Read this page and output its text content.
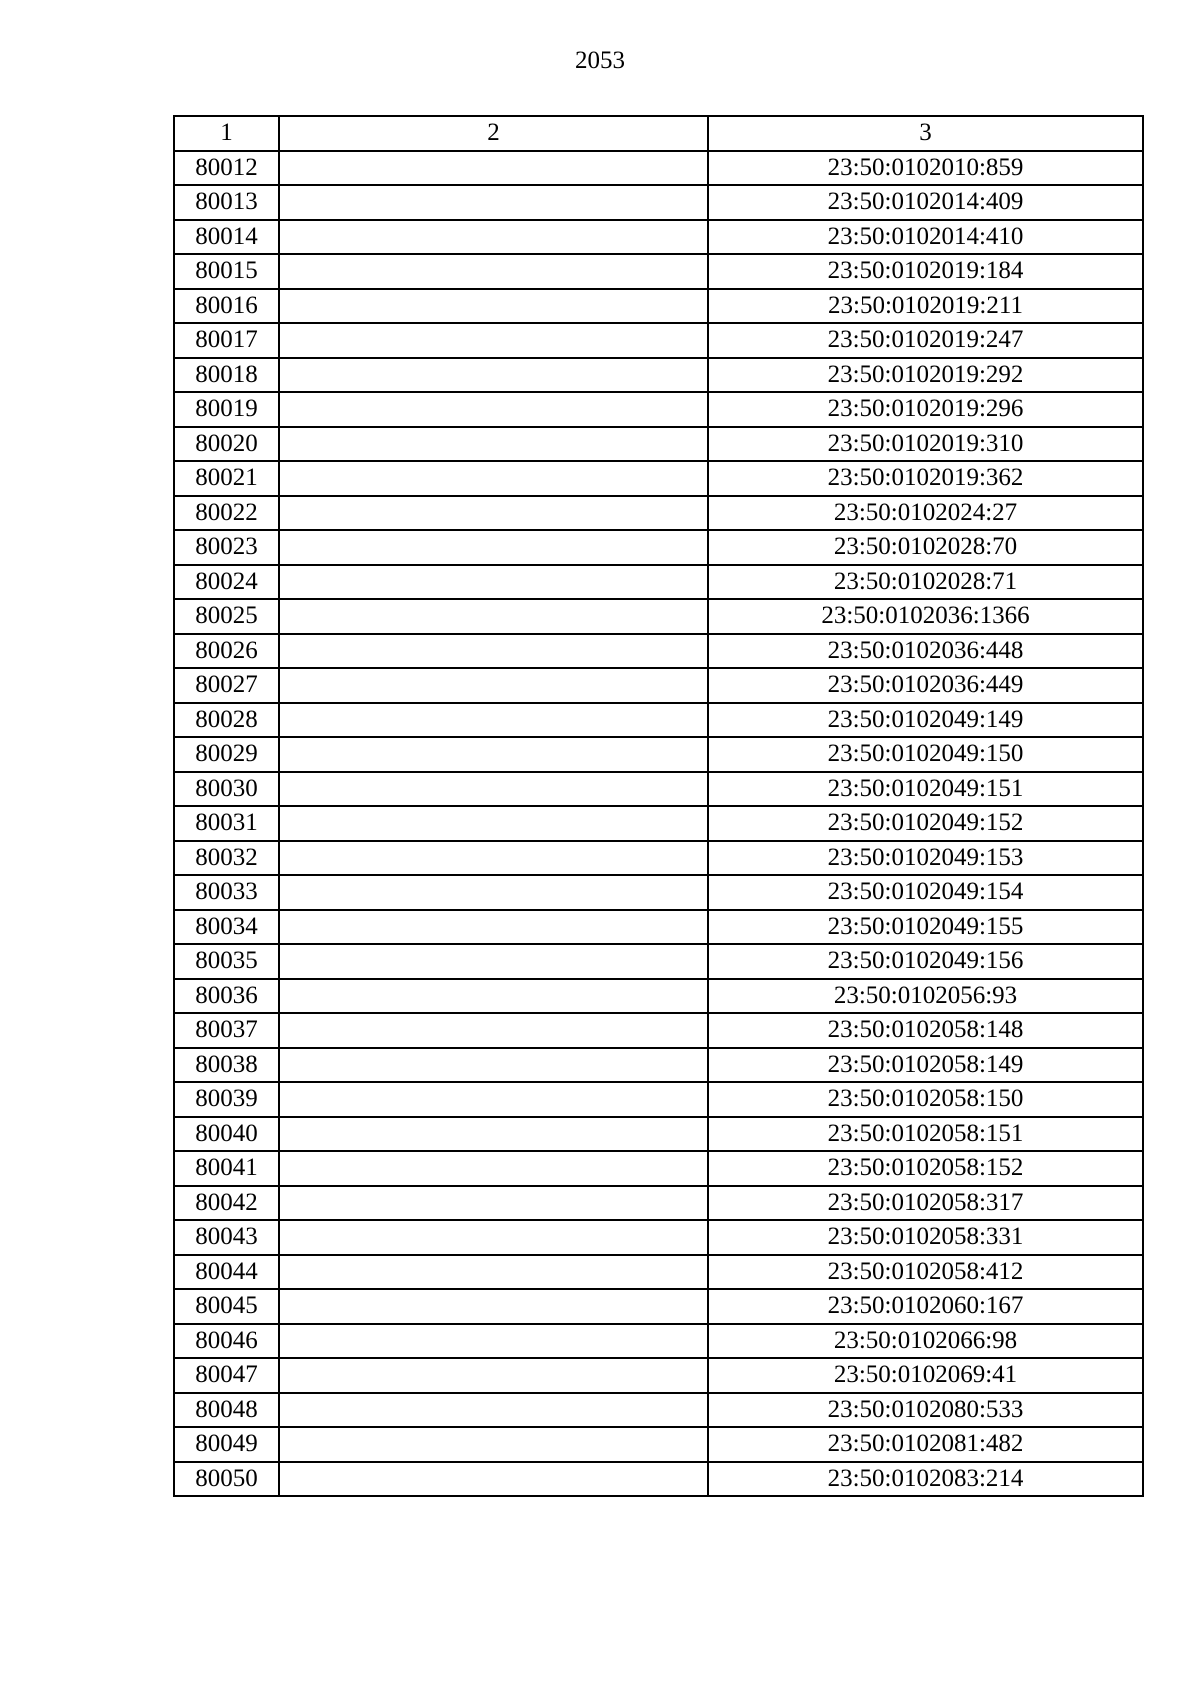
2053
1	2	3
80012		23:50:0102010:859
80013		23:50:0102014:409
80014		23:50:0102014:410
80015		23:50:0102019:184
80016		23:50:0102019:211
80017		23:50:0102019:247
80018		23:50:0102019:292
80019		23:50:0102019:296
80020		23:50:0102019:310
80021		23:50:0102019:362
80022		23:50:0102024:27
80023		23:50:0102028:70
80024		23:50:0102028:71
80025		23:50:0102036:1366
80026		23:50:0102036:448
80027		23:50:0102036:449
80028		23:50:0102049:149
80029		23:50:0102049:150
80030		23:50:0102049:151
80031		23:50:0102049:152
80032		23:50:0102049:153
80033		23:50:0102049:154
80034		23:50:0102049:155
80035		23:50:0102049:156
80036		23:50:0102056:93
80037		23:50:0102058:148
80038		23:50:0102058:149
80039		23:50:0102058:150
80040		23:50:0102058:151
80041		23:50:0102058:152
80042		23:50:0102058:317
80043		23:50:0102058:331
80044		23:50:0102058:412
80045		23:50:0102060:167
80046		23:50:0102066:98
80047		23:50:0102069:41
80048		23:50:0102080:533
80049		23:50:0102081:482
80050		23:50:0102083:214
